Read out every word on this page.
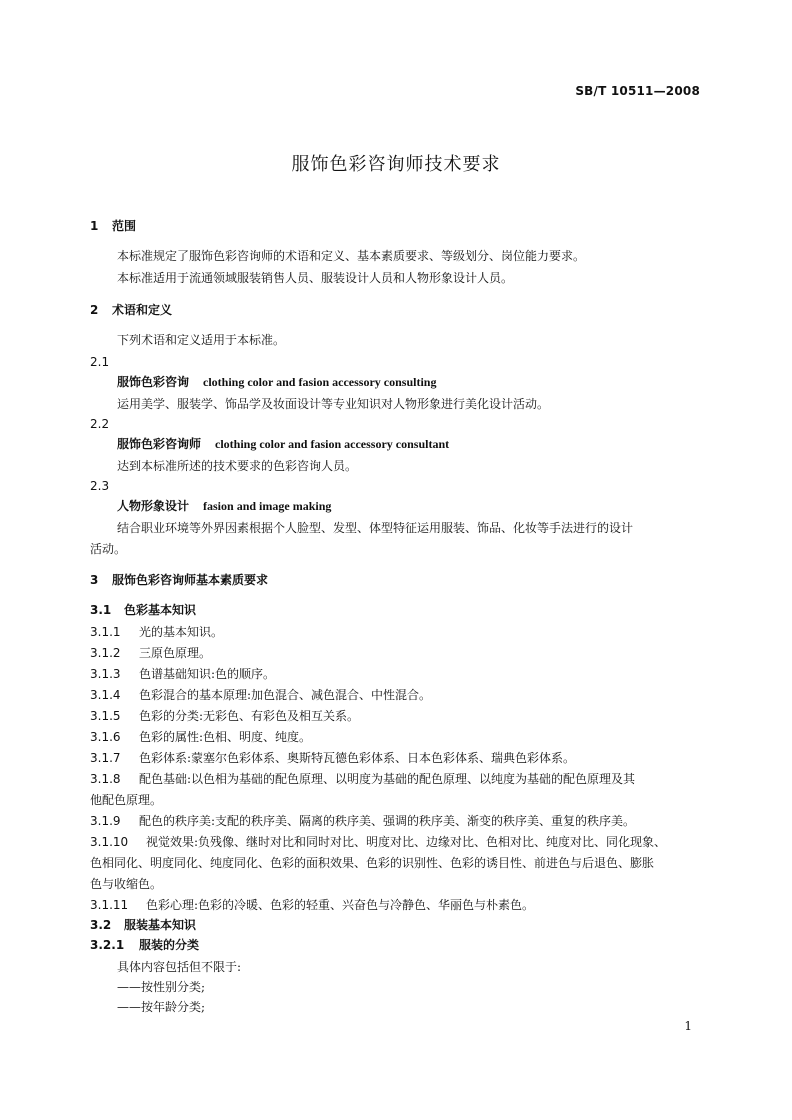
SB/T 10511—2008
服饰色彩咨询师技术要求
1 范围
本标准规定了服饰色彩咨询师的术语和定义、基本素质要求、等级划分、岗位能力要求。
本标准适用于流通领域服装销售人员、服装设计人员和人物形象设计人员。
2 术语和定义
下列术语和定义适用于本标准。
2.1
服饰色彩咨询 clothing color and fasion accessory consulting
运用美学、服装学、饰品学及妆面设计等专业知识对人物形象进行美化设计活动。
2.2
服饰色彩咨询师 clothing color and fasion accessory consultant
达到本标准所述的技术要求的色彩咨询人员。
2.3
人物形象设计 fasion and image making
结合职业环境等外界因素根据个人脸型、发型、体型特征运用服装、饰品、化妆等手法进行的设计
活动。
3 服饰色彩咨询师基本素质要求
3.1 色彩基本知识
3.1.1 光的基本知识。
3.1.2 三原色原理。
3.1.3 色谱基础知识:色的顺序。
3.1.4 色彩混合的基本原理:加色混合、减色混合、中性混合。
3.1.5 色彩的分类:无彩色、有彩色及相互关系。
3.1.6 色彩的属性:色相、明度、纯度。
3.1.7 色彩体系:蒙塞尔色彩体系、奥斯特瓦德色彩体系、日本色彩体系、瑞典色彩体系。
3.1.8 配色基础:以色相为基础的配色原理、以明度为基础的配色原理、以纯度为基础的配色原理及其
他配色原理。
3.1.9 配色的秩序美:支配的秩序美、隔离的秩序美、强调的秩序美、渐变的秩序美、重复的秩序美。
3.1.10 视觉效果:负残像、继时对比和同时对比、明度对比、边缘对比、色相对比、纯度对比、同化现象、
色相同化、明度同化、纯度同化、色彩的面积效果、色彩的识别性、色彩的诱目性、前进色与后退色、膨胀
色与收缩色。
3.1.11 色彩心理:色彩的冷暖、色彩的轻重、兴奋色与冷静色、华丽色与朴素色。
3.2 服装基本知识
3.2.1 服装的分类
具体内容包括但不限于:
——按性别分类;
——按年龄分类;
1
